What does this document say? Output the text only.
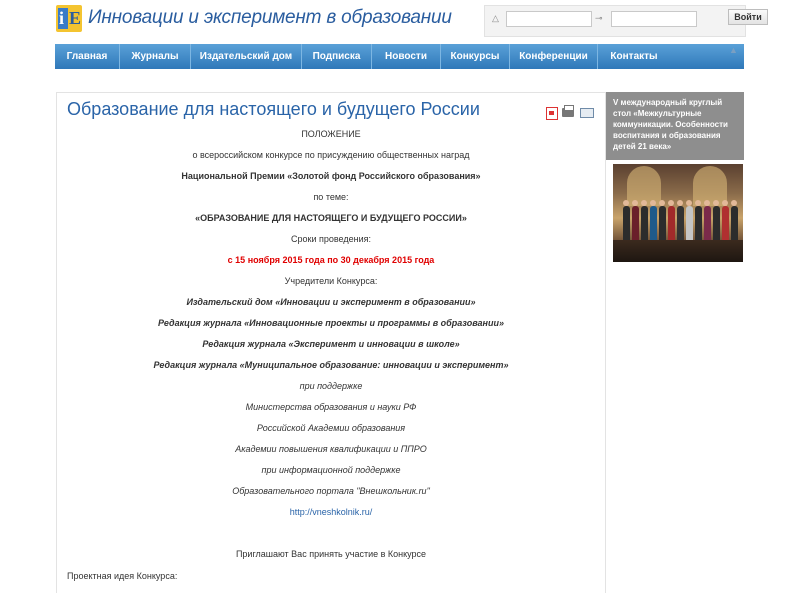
i E Инновации и эксперимент в образовании	△	⊸	Войти
Главная	Журналы	Издательский дом	Подписка	Новости	Конкурсы	Конференции	Контакты
▲
Образование для настоящего и будущего России
ПОЛОЖЕНИЕ
о всероссийском конкурсе по присуждению общественных наград
Национальной Премии «Золотой фонд Российского образования»
по теме:
«ОБРАЗОВАНИЕ ДЛЯ НАСТОЯЩЕГО И БУДУЩЕГО РОССИИ»
Сроки проведения:
с 15 ноября 2015 года по 30 декабря 2015 года
Учредители Конкурса:
Издательский дом «Инновации и эксперимент в образовании»
Редакция журнала «Инновационные проекты и программы в образовании»
Редакция журнала «Эксперимент и инновации в школе»
Редакция журнала «Муниципальное образование: инновации и эксперимент»
при поддержке
Министерства образования и науки РФ
Российской Академии образования
Академии повышения квалификации и ППРО
при информационной поддержке
Образовательного портала "Внешкольник.ru"
http://vneshkolnik.ru/
Приглашают Вас принять участие в Конкурсе
Проектная идея Конкурса:
V международный круглый стол «Межкультурные коммуникации. Особенности воспитания и образования детей 21 века»
